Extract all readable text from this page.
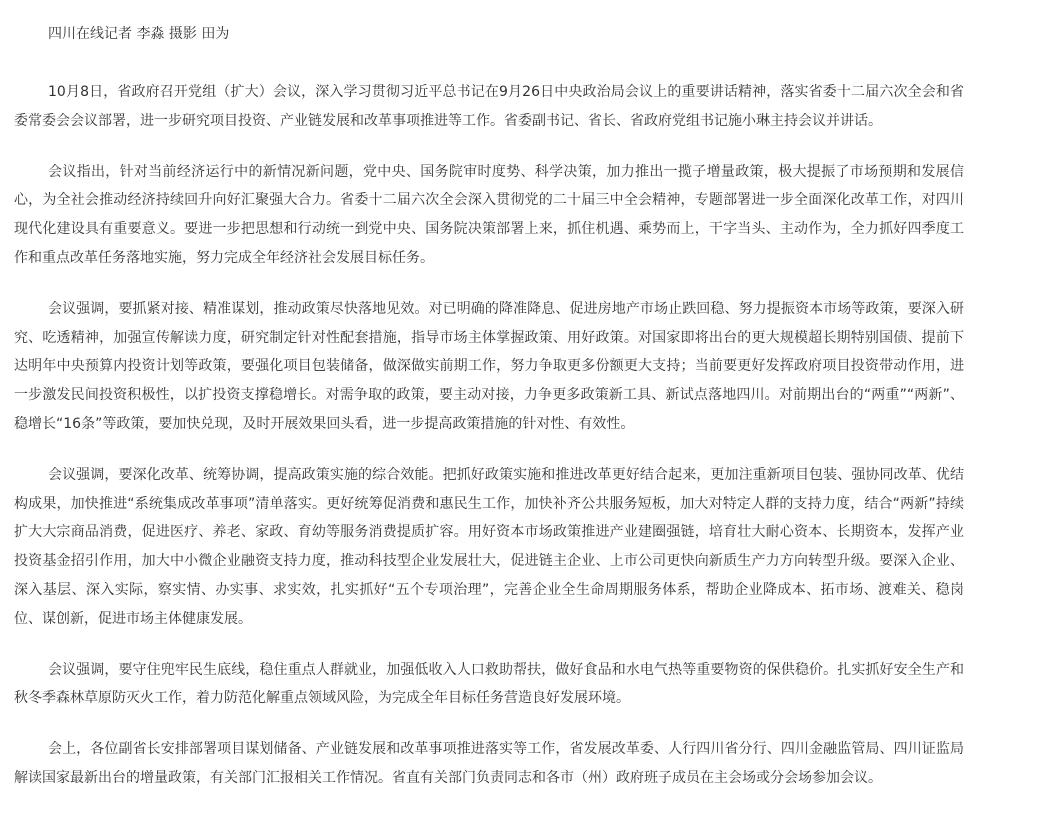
四川在线记者 李淼 摄影 田为

10月8日，省政府召开党组（扩大）会议，深入学习贯彻习近平总书记在9月26日中央政治局会议上的重要讲话精神，落实省委十二届六次全会和省委常委会会议部署，进一步研究项目投资、产业链发展和改革事项推进等工作。省委副书记、省长、省政府党组书记施小琳主持会议并讲话。

会议指出，针对当前经济运行中的新情况新问题，党中央、国务院审时度势、科学决策，加力推出一揽子增量政策，极大提振了市场预期和发展信心，为全社会推动经济持续回升向好汇聚强大合力。省委十二届六次全会深入贯彻党的二十届三中全会精神，专题部署进一步全面深化改革工作，对四川现代化建设具有重要意义。要进一步把思想和行动统一到党中央、国务院决策部署上来，抓住机遇、乘势而上，干字当头、主动作为，全力抓好四季度工作和重点改革任务落地实施，努力完成全年经济社会发展目标任务。

会议强调，要抓紧对接、精准谋划，推动政策尽快落地见效。对已明确的降准降息、促进房地产市场止跌回稳、努力提振资本市场等政策，要深入研究、吃透精神，加强宣传解读力度，研究制定针对性配套措施，指导市场主体掌握政策、用好政策。对国家即将出台的更大规模超长期特别国债、提前下达明年中央预算内投资计划等政策，要强化项目包装储备，做深做实前期工作，努力争取更多份额更大支持；当前要更好发挥政府项目投资带动作用，进一步激发民间投资积极性，以扩投资支撑稳增长。对需争取的政策，要主动对接，力争更多政策新工具、新试点落地四川。对前期出台的“两重”“两新”、稳增长“16条”等政策，要加快兑现，及时开展效果回头看，进一步提高政策措施的针对性、有效性。

会议强调，要深化改革、统筹协调，提高政策实施的综合效能。把抓好政策实施和推进改革更好结合起来，更加注重新项目包装、强协同改革、优结构成果，加快推进“系统集成改革事项”清单落实。更好统筹促消费和惠民生工作，加快补齐公共服务短板，加大对特定人群的支持力度，结合“两新”持续扩大大宗商品消费，促进医疗、养老、家政、育幼等服务消费提质扩容。用好资本市场政策推进产业建圈强链，培育壮大耐心资本、长期资本，发挥产业投资基金招引作用，加大中小微企业融资支持力度，推动科技型企业发展壮大，促进链主企业、上市公司更快向新质生产力方向转型升级。要深入企业、深入基层、深入实际，察实情、办实事、求实效，扎实抓好“五个专项治理”，完善企业全生命周期服务体系，帮助企业降成本、拓市场、渡难关、稳岗位、谋创新，促进市场主体健康发展。

会议强调，要守住兜牢民生底线，稳住重点人群就业，加强低收入人口救助帮扶，做好食品和水电气热等重要物资的保供稳价。扎实抓好安全生产和秋冬季森林草原防灭火工作，着力防范化解重点领域风险，为完成全年目标任务营造良好发展环境。

会上，各位副省长安排部署项目谋划储备、产业链发展和改革事项推进落实等工作，省发展改革委、人行四川省分行、四川金融监管局、四川证监局解读国家最新出台的增量政策，有关部门汇报相关工作情况。省直有关部门负责同志和各市（州）政府班子成员在主会场或分会场参加会议。
